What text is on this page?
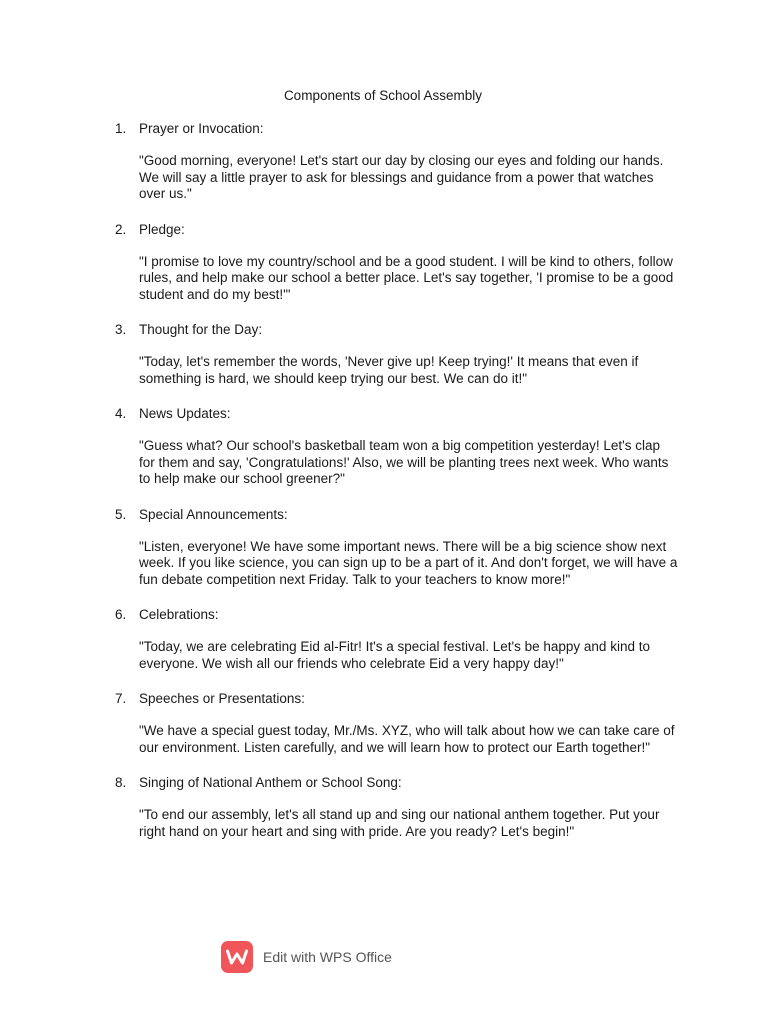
Components of School Assembly
1. Prayer or Invocation:
"Good morning, everyone! Let's start our day by closing our eyes and folding our hands. We will say a little prayer to ask for blessings and guidance from a power that watches over us."
2. Pledge:
"I promise to love my country/school and be a good student. I will be kind to others, follow rules, and help make our school a better place. Let's say together, 'I promise to be a good student and do my best!'"
3. Thought for the Day:
"Today, let's remember the words, 'Never give up! Keep trying!' It means that even if something is hard, we should keep trying our best. We can do it!"
4. News Updates:
"Guess what? Our school's basketball team won a big competition yesterday! Let's clap for them and say, 'Congratulations!' Also, we will be planting trees next week. Who wants to help make our school greener?"
5. Special Announcements:
"Listen, everyone! We have some important news. There will be a big science show next week. If you like science, you can sign up to be a part of it. And don't forget, we will have a fun debate competition next Friday. Talk to your teachers to know more!"
6. Celebrations:
"Today, we are celebrating Eid al-Fitr! It's a special festival. Let's be happy and kind to everyone. We wish all our friends who celebrate Eid a very happy day!"
7. Speeches or Presentations:
"We have a special guest today, Mr./Ms. XYZ, who will talk about how we can take care of our environment. Listen carefully, and we will learn how to protect our Earth together!"
8. Singing of National Anthem or School Song:
"To end our assembly, let's all stand up and sing our national anthem together. Put your right hand on your heart and sing with pride. Are you ready? Let's begin!"
Edit with WPS Office
